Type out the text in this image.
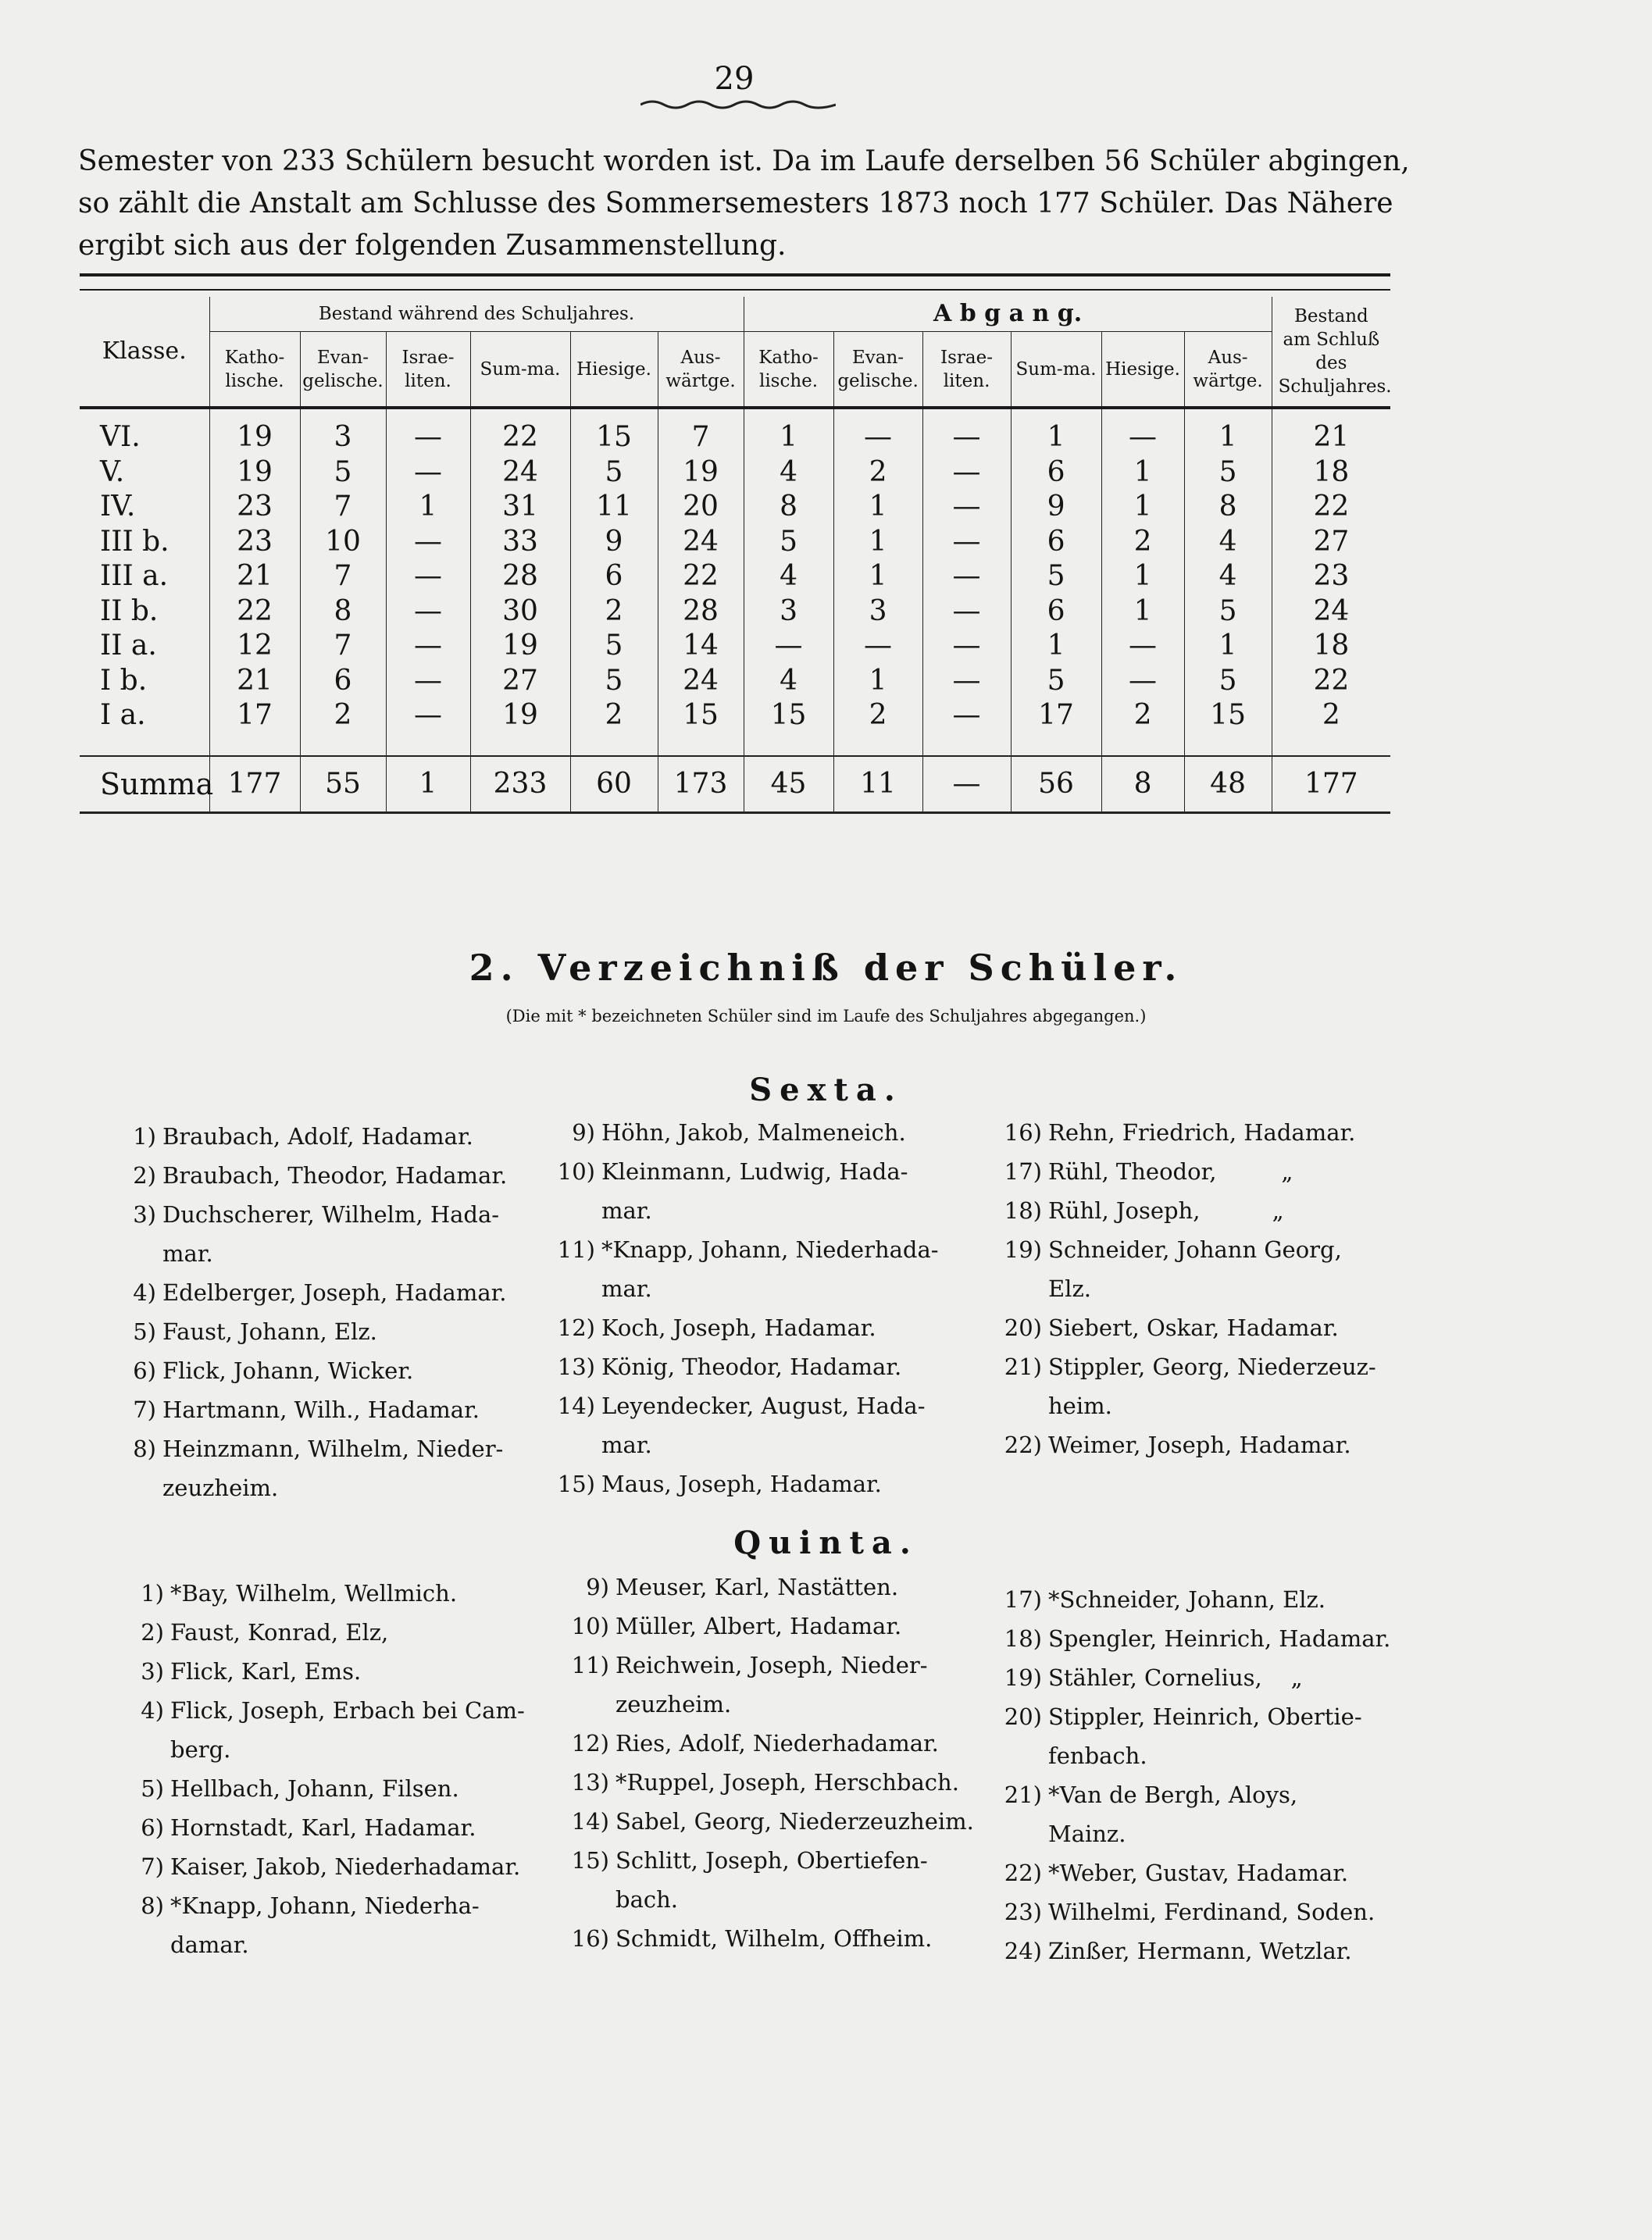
29
Semester von 233 Schülern besucht worden ist. Da im Laufe derselben 56 Schüler abgingen,
so zählt die Anstalt am Schlusse des Sommersemesters 1873 noch 177 Schüler. Das Nähere
ergibt sich aus der folgenden Zusammenstellung.
Klasse.	Bestand während des Schuljahres.						A b g a n g.						Bestand am Schluß des Schuljahres.
	Katho-lische.	Evan-gelische.	Israe-liten.	Sum-ma.	Hiesige.	Aus-wärtge.	Katho-lische.	Evan-gelische.	Israe-liten.	Sum-ma.	Hiesige.	Aus-wärtge.	

VI.	19	3	—	22	15	7	1	—	—	1	—	1	21
V.	19	5	—	24	5	19	4	2	—	6	1	5	18
IV.	23	7	1	31	11	20	8	1	—	9	1	8	22
III b.	23	10	—	33	9	24	5	1	—	6	2	4	27
III a.	21	7	—	28	6	22	4	1	—	5	1	4	23
II b.	22	8	—	30	2	28	3	3	—	6	1	5	24
II a.	12	7	—	19	5	14	—	—	—	1	—	1	18
I b.	21	6	—	27	5	24	4	1	—	5	—	5	22
I a.	17	2	—	19	2	15	15	2	—	17	2	15	2

Summa	177	55	1	233	60	173	45	11	—	56	8	48	177
2. Verzeichniß der Schüler.
(Die mit * bezeichneten Schüler sind im Laufe des Schuljahres abgegangen.)
Sexta.
1) Braubach, Adolf, Hadamar.
2) Braubach, Theodor, Hadamar.
3) Duchscherer, Wilhelm, Hada-
mar.
4) Edelberger, Joseph, Hadamar.
5) Faust, Johann, Elz.
6) Flick, Johann, Wicker.
7) Hartmann, Wilh., Hadamar.
8) Heinzmann, Wilhelm, Nieder-
zeuzheim.
9) Höhn, Jakob, Malmeneich.
10) Kleinmann, Ludwig, Hada-
mar.
11) *Knapp, Johann, Niederhada-
mar.
12) Koch, Joseph, Hadamar.
13) König, Theodor, Hadamar.
14) Leyendecker, August, Hada-
mar.
15) Maus, Joseph, Hadamar.
16) Rehn, Friedrich, Hadamar.
17) Rühl, Theodor,         „
18) Rühl, Joseph,          „
19) Schneider, Johann Georg,
Elz.
20) Siebert, Oskar, Hadamar.
21) Stippler, Georg, Niederzeuz-
heim.
22) Weimer, Joseph, Hadamar.
Quinta.
1) *Bay, Wilhelm, Wellmich.
2) Faust, Konrad, Elz,
3) Flick, Karl, Ems.
4) Flick, Joseph, Erbach bei Cam-
berg.
5) Hellbach, Johann, Filsen.
6) Hornstadt, Karl, Hadamar.
7) Kaiser, Jakob, Niederhadamar.
8) *Knapp, Johann, Niederha-
damar.
9) Meuser, Karl, Nastätten.
10) Müller, Albert, Hadamar.
11) Reichwein, Joseph, Nieder-
zeuzheim.
12) Ries, Adolf, Niederhadamar.
13) *Ruppel, Joseph, Herschbach.
14) Sabel, Georg, Niederzeuzheim.
15) Schlitt, Joseph, Obertiefen-
bach.
16) Schmidt, Wilhelm, Offheim.
17) *Schneider, Johann, Elz.
18) Spengler, Heinrich, Hadamar.
19) Stähler, Cornelius,    „
20) Stippler, Heinrich, Obertie-
fenbach.
21) *Van de Bergh, Aloys,
Mainz.
22) *Weber, Gustav, Hadamar.
23) Wilhelmi, Ferdinand, Soden.
24) Zinßer, Hermann, Wetzlar.
